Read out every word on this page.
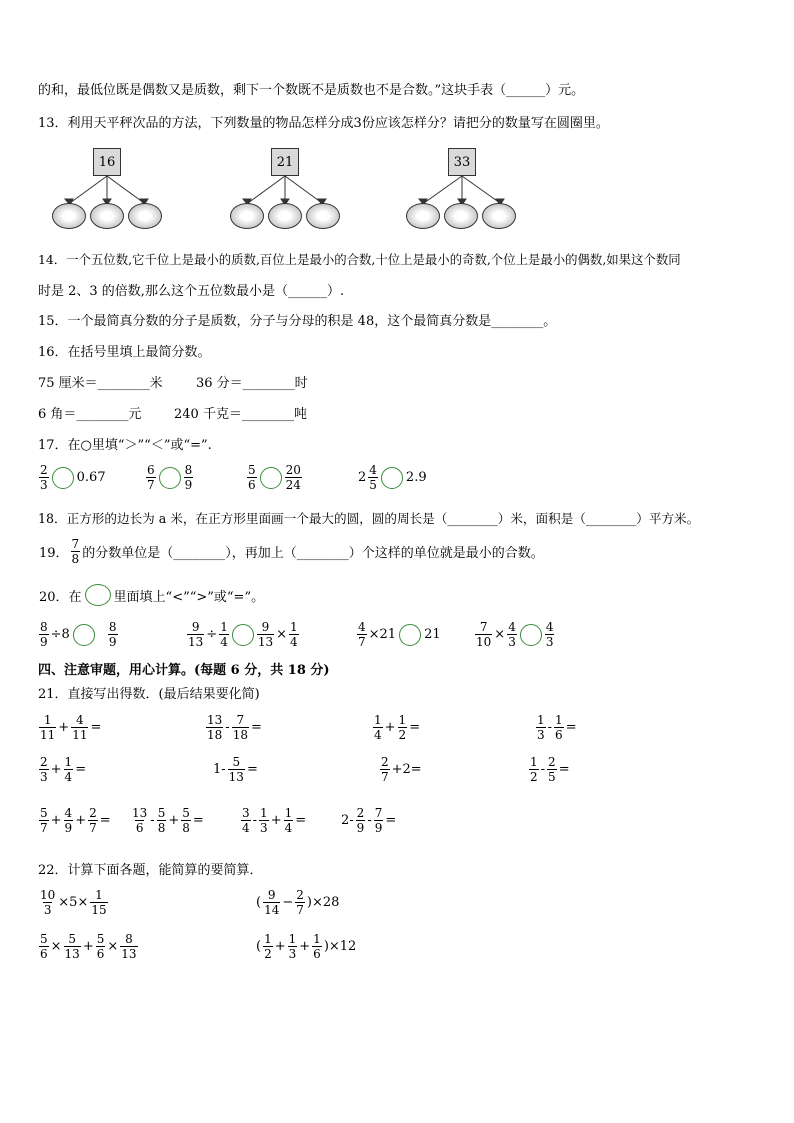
的和，最低位既是偶数又是质数，剩下一个数既不是质数也不是合数。”这块手表（______）元。
13．利用天平秤次品的方法，下列数量的物品怎样分成3份应该怎样分？请把分的数量写在圆圈里。
16	21	33
14．一个五位数,它千位上是最小的质数,百位上是最小的合数,十位上是最小的奇数,个位上是最小的偶数,如果这个数同
时是 2、3 的倍数,那么这个五位数最小是（______）.
15．一个最简真分数的分子是质数，分子与分母的积是 48，这个最简真分数是________。
16．在括号里填上最简分数。
75 厘米＝________米	36 分＝________时
6 角＝________元	240 千克＝________吨
17．在○里填“＞”“＜”或“=”.
$\frac{2}{3} 0.67$	$\frac{6}{7} \frac{8}{9}$	$\frac{5}{6} \frac{20}{24}$	$2 \frac{4}{5} 2.9$
18．正方形的边长为 a 米，在正方形里面画一个最大的圆，圆的周长是（________）米，面积是（________）平方米。
19． $\frac{7}{8}$ 的分数单位是（________），再加上（________）个这样的单位就是最小的合数。
20．在 里面填上“<”“>”或“=”。
$\frac{8}{9} \div 8$	$\frac{8}{9}$	$\frac{9}{13} \div \frac{1}{4} \frac{9}{13} \times \frac{1}{4}$	$\frac{4}{7} \times 21$ 21	$\frac{7}{10} \times \frac{4}{3} \frac{4}{3}$
四、注意审题，用心计算。(每题 6 分，共 18 分)
21．直接写出得数．(最后结果要化简)
$\frac{1}{11} + \frac{4}{11}$ =	$\frac{13}{18} - \frac{7}{18}$ =	$\frac{1}{4} + \frac{1}{2}$ =	$\frac{1}{3} - \frac{1}{6}$ =
$\frac{2}{3} + \frac{1}{4}$ =	$1- \frac{5}{13}$ =	$\frac{2}{7} +2=$	$\frac{1}{2} - \frac{2}{5}$ =
$\frac{5}{7} + \frac{4}{9} + \frac{2}{7} = \frac{13}{6} - \frac{5}{8} + \frac{5}{8}$ =	$\frac{3}{4} - \frac{1}{3} + \frac{1}{4}$ =	$2- \frac{2}{9} - \frac{7}{9}$ =
22．计算下面各题，能简算的要简算．
$\frac{10}{3} \times 5\times \frac{1}{15}$	( $\frac{9}{14} - \frac{2}{7} )\times 28$
$\frac{5}{6} \times \frac{5}{13} + \frac{5}{6} \times \frac{8}{13}$	( $\frac{1}{2} + \frac{1}{3} + \frac{1}{6} )\times 12$
